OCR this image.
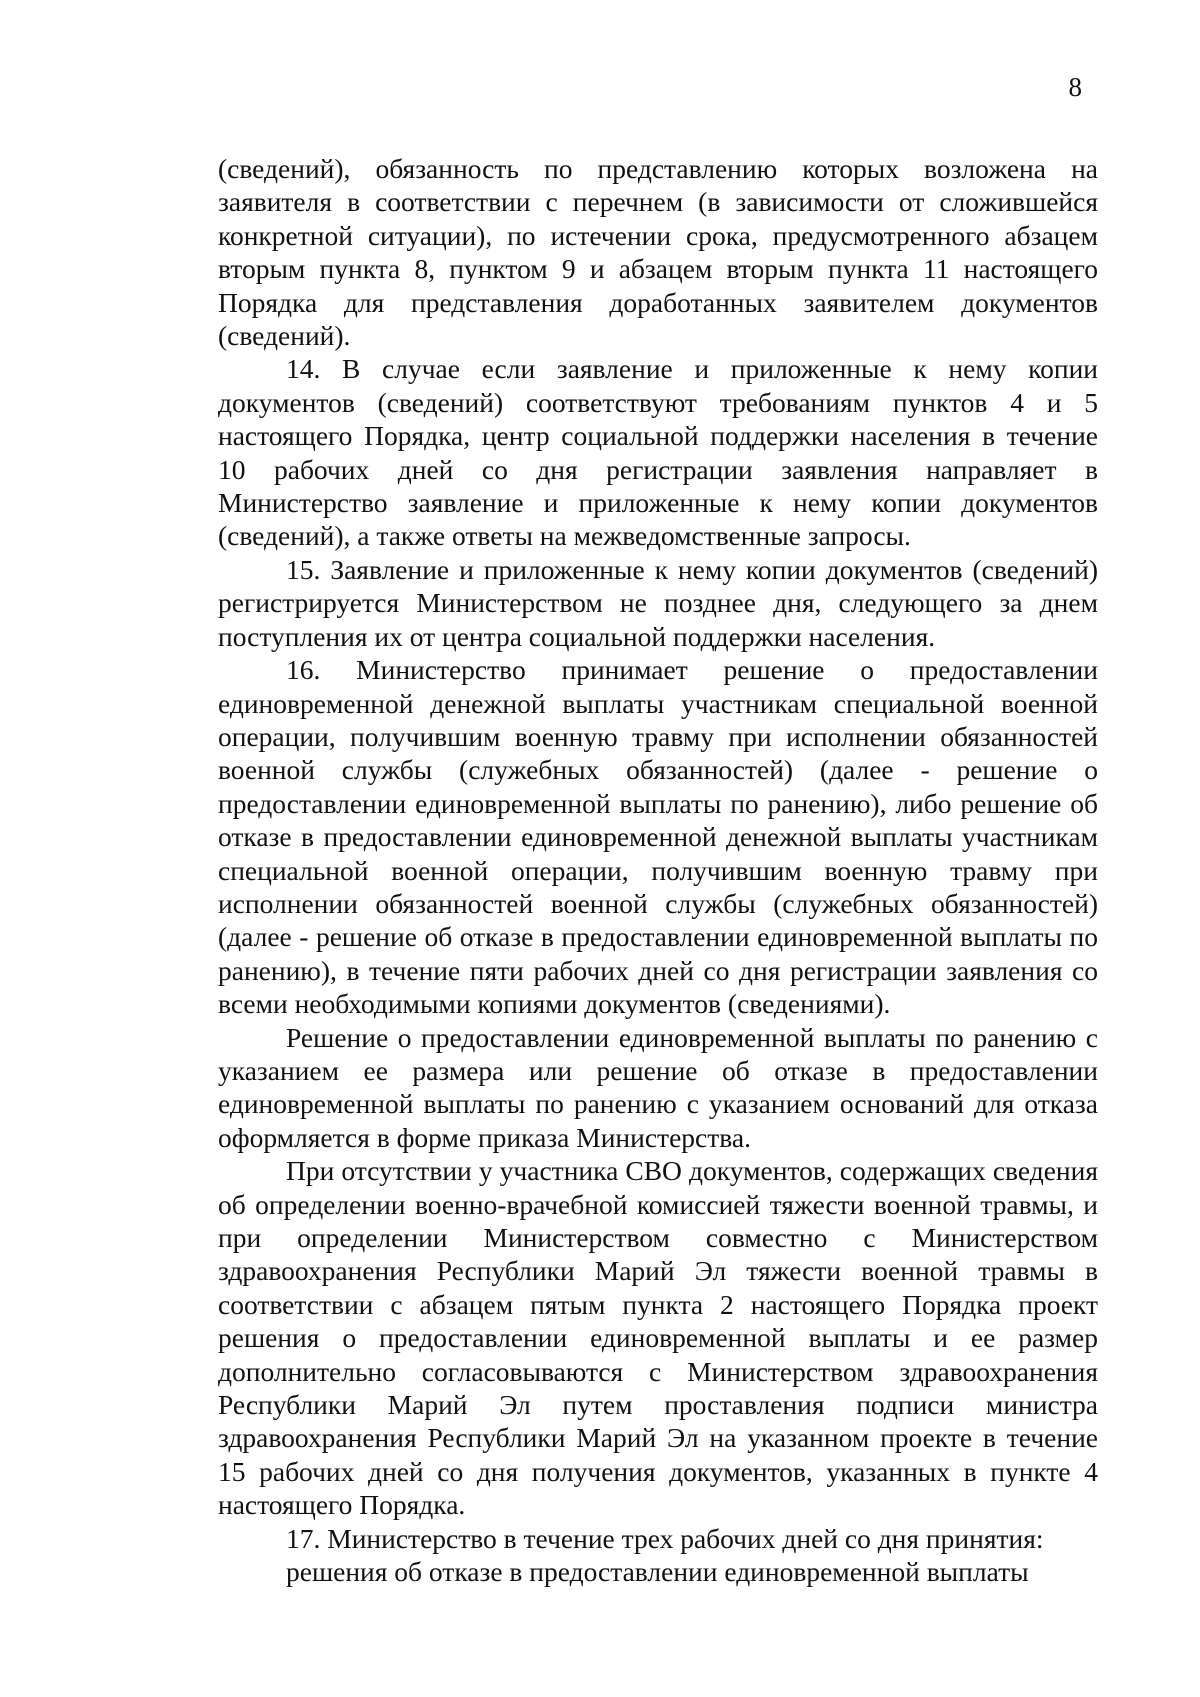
8

(сведений), обязанность по представлению которых возложена на заявителя в соответствии с перечнем (в зависимости от сложившейся конкретной ситуации), по истечении срока, предусмотренного абзацем вторым пункта 8, пунктом 9 и абзацем вторым пункта 11 настоящего Порядка для представления доработанных заявителем документов (сведений).

14. В случае если заявление и приложенные к нему копии документов (сведений) соответствуют требованиям пунктов 4 и 5 настоящего Порядка, центр социальной поддержки населения в течение 10 рабочих дней со дня регистрации заявления направляет в Министерство заявление и приложенные к нему копии документов (сведений), а также ответы на межведомственные запросы.

15. Заявление и приложенные к нему копии документов (сведений) регистрируется Министерством не позднее дня, следующего за днем поступления их от центра социальной поддержки населения.

16. Министерство принимает решение о предоставлении единовременной денежной выплаты участникам специальной военной операции, получившим военную травму при исполнении обязанностей военной службы (служебных обязанностей) (далее - решение о предоставлении единовременной выплаты по ранению), либо решение об отказе в предоставлении единовременной денежной выплаты участникам специальной военной операции, получившим военную травму при исполнении обязанностей военной службы (служебных обязанностей) (далее - решение об отказе в предоставлении единовременной выплаты по ранению), в течение пяти рабочих дней со дня регистрации заявления со всеми необходимыми копиями документов (сведениями).

Решение о предоставлении единовременной выплаты по ранению с указанием ее размера или решение об отказе в предоставлении единовременной выплаты по ранению с указанием оснований для отказа оформляется в форме приказа Министерства.

При отсутствии у участника СВО документов, содержащих сведения об определении военно-врачебной комиссией тяжести военной травмы, и при определении Министерством совместно с Министерством здравоохранения Республики Марий Эл тяжести военной травмы в соответствии с абзацем пятым пункта 2 настоящего Порядка проект решения о предоставлении единовременной выплаты и ее размер дополнительно согласовываются с Министерством здравоохранения Республики Марий Эл путем проставления подписи министра здравоохранения Республики Марий Эл на указанном проекте в течение 15 рабочих дней со дня получения документов, указанных в пункте 4 настоящего Порядка.

17. Министерство в течение трех рабочих дней со дня принятия:

решения об отказе в предоставлении единовременной выплаты
